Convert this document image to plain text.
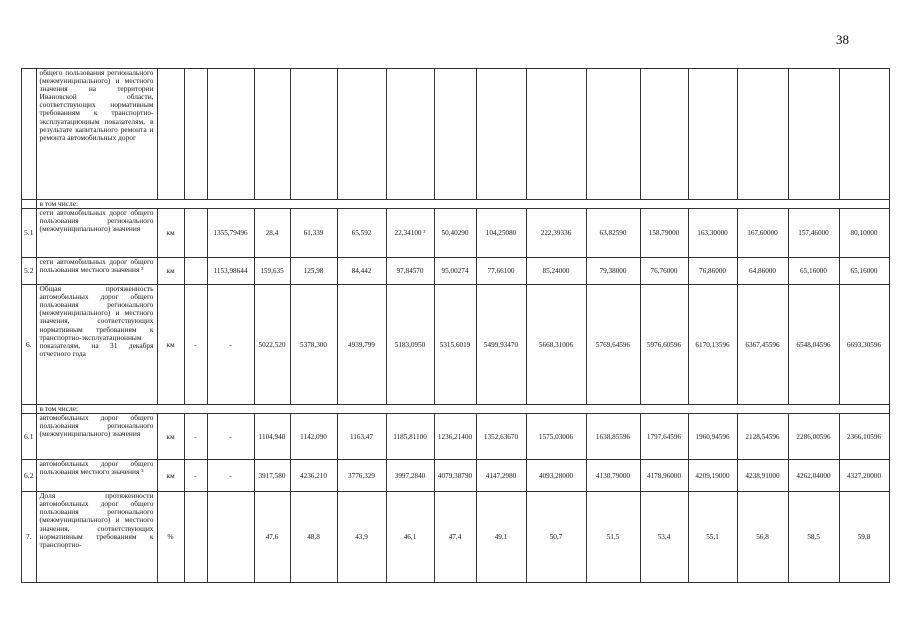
38
	общего пользования регионального (межмуниципального) и местного значения на территории Ивановской области, соответствующих нормативным требованиям к транспортно-эксплуатационным показателям, в результате капитального ремонта и ремонта автомобильных дорог																
	в том числе:																
5.1	сети автомобильных дорог общего пользования регионального (межмуниципального) значения	км		1355,79496	28,4	61,339	65,592	22,34100 ³	50,40290	104,25080	222,39336	63,82590	158,79000	163,30000	167,60000	157,46000	80,10000
5.2	сети автомобильных дорог общего пользования местного значения ³	км		1153,98644	159,635	125,98	84,442	97,84570	95,00274	77,66100	85,24000	79,38000	76,76000	76,86000	64,86000	65,16000	65,16000
6.	Общая протяженность автомобильных дорог общего пользования регионального (межмуниципального) и местного значения, соответствующих нормативным требованиям к транспортно-эксплуатационным показателям, на 31 декабря отчетного года	км	-	-	5022,520	5378,300	4939,799	5183,0950	5315,6019	5499,93470	5668,31006	5769,64596	5976,60596	6170,13596	6367,45596	6548,04596	6693,30596
	в том числе:																
6.1	автомобильных дорог общего пользования регионального (межмуниципального) значения	км	-	-	1104,940	1142,090	1163,47	1185,81100	1236,21400	1352,63670	1575,03006	1638,85596	1797,64596	1960,94596	2128,54596	2286,00596	2366,10596
6.2	автомобильных дорог общего пользования местного значения ³	км	-	-	3917,580	4236,210	3776,329	3997,2840	4079,38790	4147,2980	4093,28000	4130,79000	4178,96000	4209,19000	4238,91000	4262,04000	4327,20000
7.	Доля протяженности автомобильных дорог общего пользования регионального (межмуниципального) и местного значения, соответствующих нормативным требованиям к транспортно-	%			47,6	48,8	43,9	46,1	47,4	49,1	50,7	51,5	53,4	55,1	56,8	58,5	59,8
